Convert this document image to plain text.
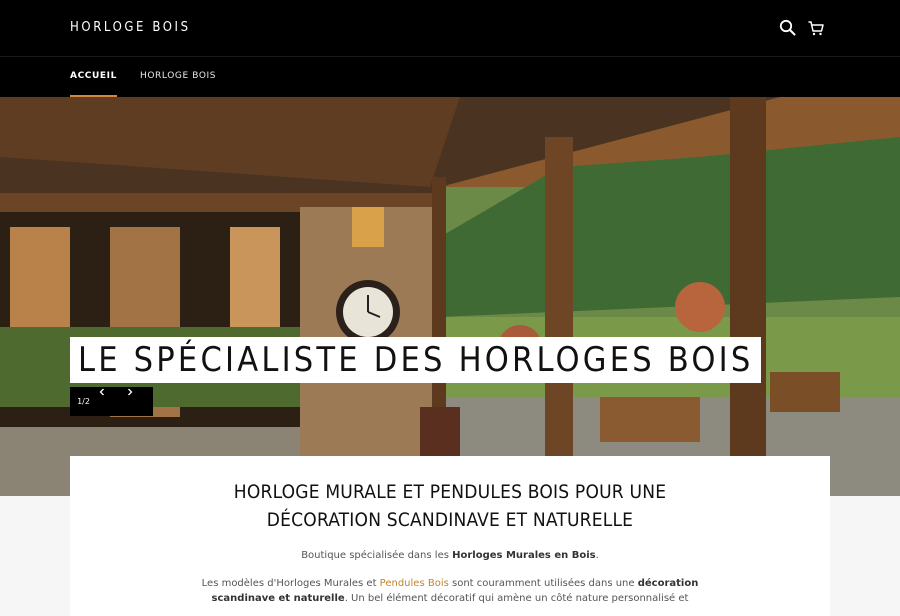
HORLOGE BOIS
ACCUEIL	HORLOGE BOIS
LE SPÉCIALISTE DES HORLOGES BOIS
1/2
HORLOGE MURALE ET PENDULES BOIS POUR UNE
DÉCORATION SCANDINAVE ET NATURELLE

Boutique spécialisée dans les Horloges Murales en Bois.

Les modèles d'Horloges Murales et Pendules Bois sont couramment utilisées dans une décoration
scandinave et naturelle. Un bel élément décoratif qui amène un côté nature personnalisé et
